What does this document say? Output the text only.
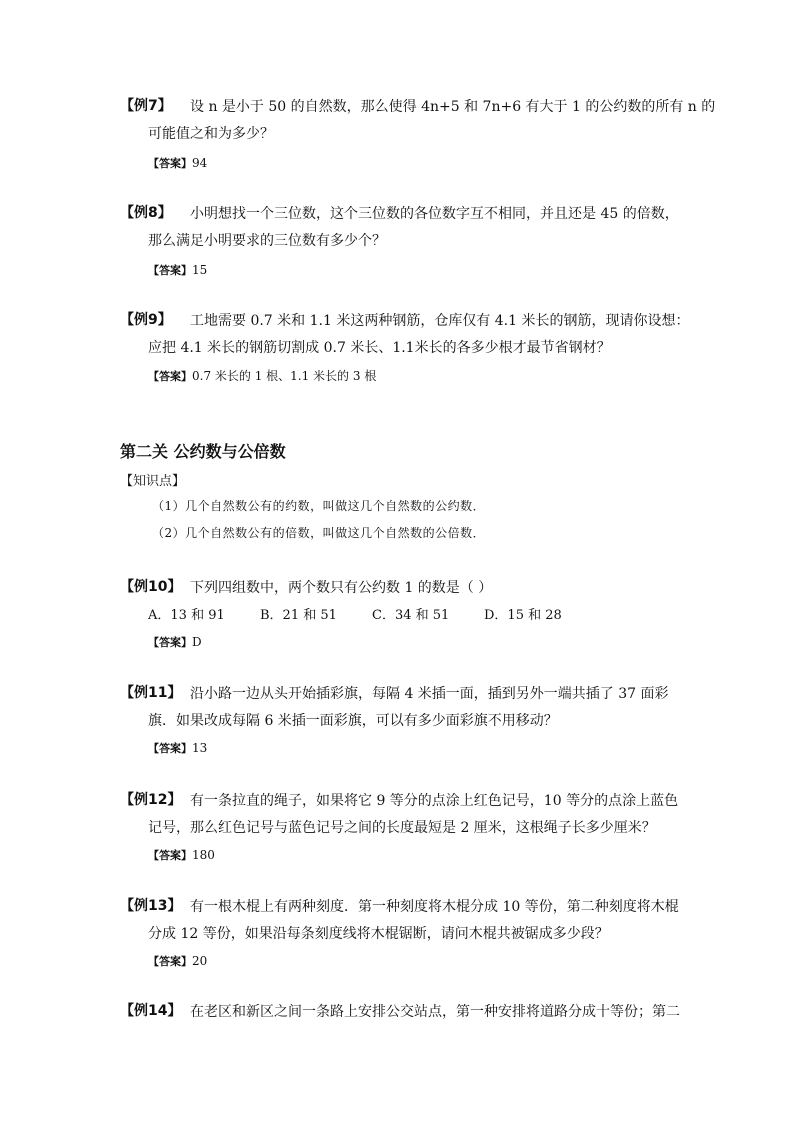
【例7】 设 n 是小于 50 的自然数，那么使得 4n+5 和 7n+6 有大于 1 的公约数的所有 n 的
可能值之和为多少？
【答案】94
【例8】 小明想找一个三位数，这个三位数的各位数字互不相同，并且还是 45 的倍数，
那么满足小明要求的三位数有多少个？
【答案】15
【例9】 工地需要 0.7 米和 1.1 米这两种钢筋，仓库仅有 4.1 米长的钢筋，现请你设想：
应把 4.1 米长的钢筋切割成 0.7 米长、1.1米长的各多少根才最节省钢材？
【答案】0.7 米长的 1 根、1.1 米长的 3 根
第二关 公约数与公倍数
【知识点】
（1）几个自然数公有的约数，叫做这几个自然数的公约数．
（2）几个自然数公有的倍数，叫做这几个自然数的公倍数．
【例10】 下列四组数中，两个数只有公约数 1 的数是（ ）
A．13 和 91	B．21 和 51	C．34 和 51	D．15 和 28
【答案】D
【例11】 沿小路一边从头开始插彩旗，每隔 4 米插一面，插到另外一端共插了 37 面彩
旗．如果改成每隔 6 米插一面彩旗，可以有多少面彩旗不用移动？
【答案】13
【例12】 有一条拉直的绳子，如果将它 9 等分的点涂上红色记号，10 等分的点涂上蓝色
记号，那么红色记号与蓝色记号之间的长度最短是 2 厘米，这根绳子长多少厘米？
【答案】180
【例13】 有一根木棍上有两种刻度．第一种刻度将木棍分成 10 等份，第二种刻度将木棍
分成 12 等份，如果沿每条刻度线将木棍锯断，请问木棍共被锯成多少段？
【答案】20
【例14】 在老区和新区之间一条路上安排公交站点，第一种安排将道路分成十等份；第二
